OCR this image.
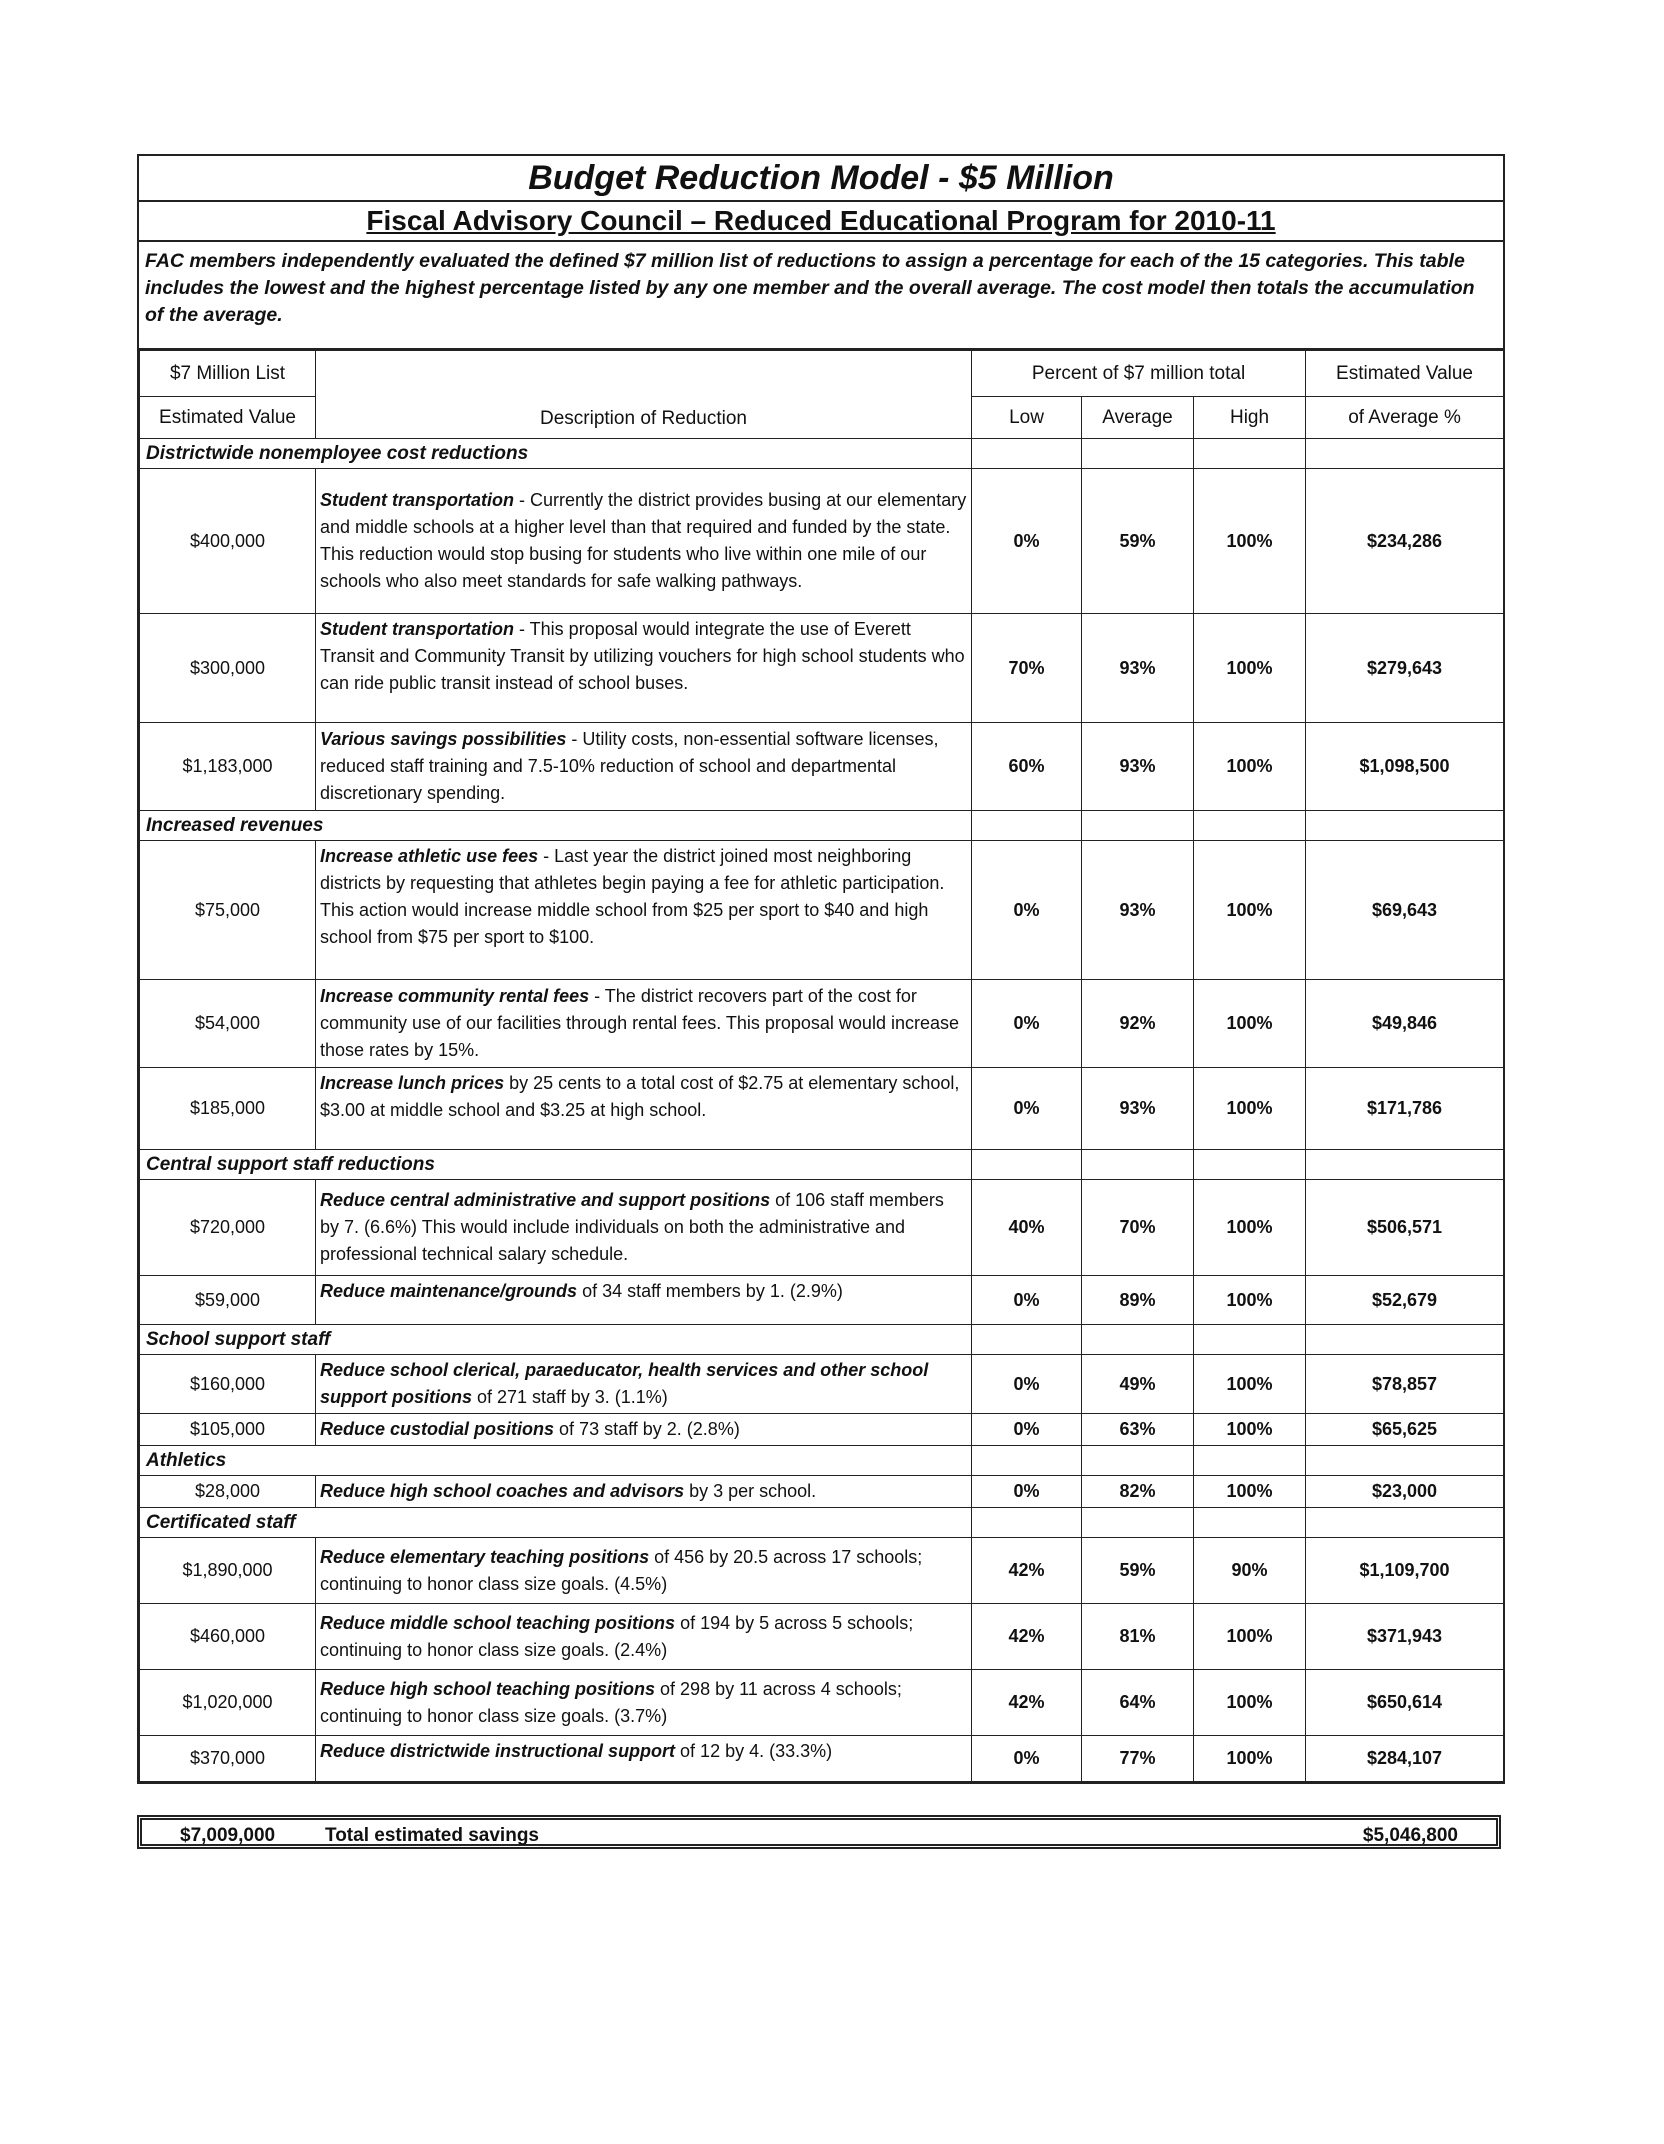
Budget Reduction Model - $5 Million
Fiscal Advisory Council – Reduced Educational Program for 2010-11
FAC members independently evaluated the defined $7 million list of reductions to assign a percentage for each of the 15 categories. This table includes the lowest and the highest percentage listed by any one member and the overall average. The cost model then totals the accumulation of the average.
$7 Million List	Description of Reduction	Percent of $7 million total			Estimated Value
Estimated Value		Low	Average	High	of Average %
Districtwide nonemployee cost reductions					
$400,000	Student transportation - Currently the district provides busing at our elementary and middle schools at a higher level than that required and funded by the state. This reduction would stop busing for students who live within one mile of our schools who also meet standards for safe walking pathways.	0%	59%	100%	$234,286
$300,000	Student transportation - This proposal would integrate the use of Everett Transit and Community Transit by utilizing vouchers for high school students who can ride public transit instead of school buses.	70%	93%	100%	$279,643
$1,183,000	Various savings possibilities - Utility costs, non-essential software licenses, reduced staff training and 7.5-10% reduction of school and departmental discretionary spending.	60%	93%	100%	$1,098,500
Increased revenues					
$75,000	Increase athletic use fees - Last year the district joined most neighboring districts by requesting that athletes begin paying a fee for athletic participation. This action would increase middle school from $25 per sport to $40 and high school from $75 per sport to $100.	0%	93%	100%	$69,643
$54,000	Increase community rental fees - The district recovers part of the cost for community use of our facilities through rental fees. This proposal would increase those rates by 15%.	0%	92%	100%	$49,846
$185,000	Increase lunch prices by 25 cents to a total cost of $2.75 at elementary school, $3.00 at middle school and $3.25 at high school.	0%	93%	100%	$171,786
Central support staff reductions					
$720,000	Reduce central administrative and support positions of 106 staff members by 7. (6.6%) This would include individuals on both the administrative and professional technical salary schedule.	40%	70%	100%	$506,571
$59,000	Reduce maintenance/grounds of 34 staff members by 1. (2.9%)	0%	89%	100%	$52,679
School support staff					
$160,000	Reduce school clerical, paraeducator, health services and other school support positions of 271 staff by 3. (1.1%)	0%	49%	100%	$78,857
$105,000	Reduce custodial positions of 73 staff by 2. (2.8%)	0%	63%	100%	$65,625
Athletics					
$28,000	Reduce high school coaches and advisors by 3 per school.	0%	82%	100%	$23,000
Certificated staff					
$1,890,000	Reduce elementary teaching positions of 456 by 20.5 across 17 schools; continuing to honor class size goals. (4.5%)	42%	59%	90%	$1,109,700
$460,000	Reduce middle school teaching positions of 194 by 5 across 5 schools; continuing to honor class size goals. (2.4%)	42%	81%	100%	$371,943
$1,020,000	Reduce high school teaching positions of 298 by 11 across 4 schools; continuing to honor class size goals. (3.7%)	42%	64%	100%	$650,614
$370,000	Reduce districtwide instructional support of 12 by 4. (33.3%)	0%	77%	100%	$284,107
$7,009,000	Total estimated savings	$5,046,800
